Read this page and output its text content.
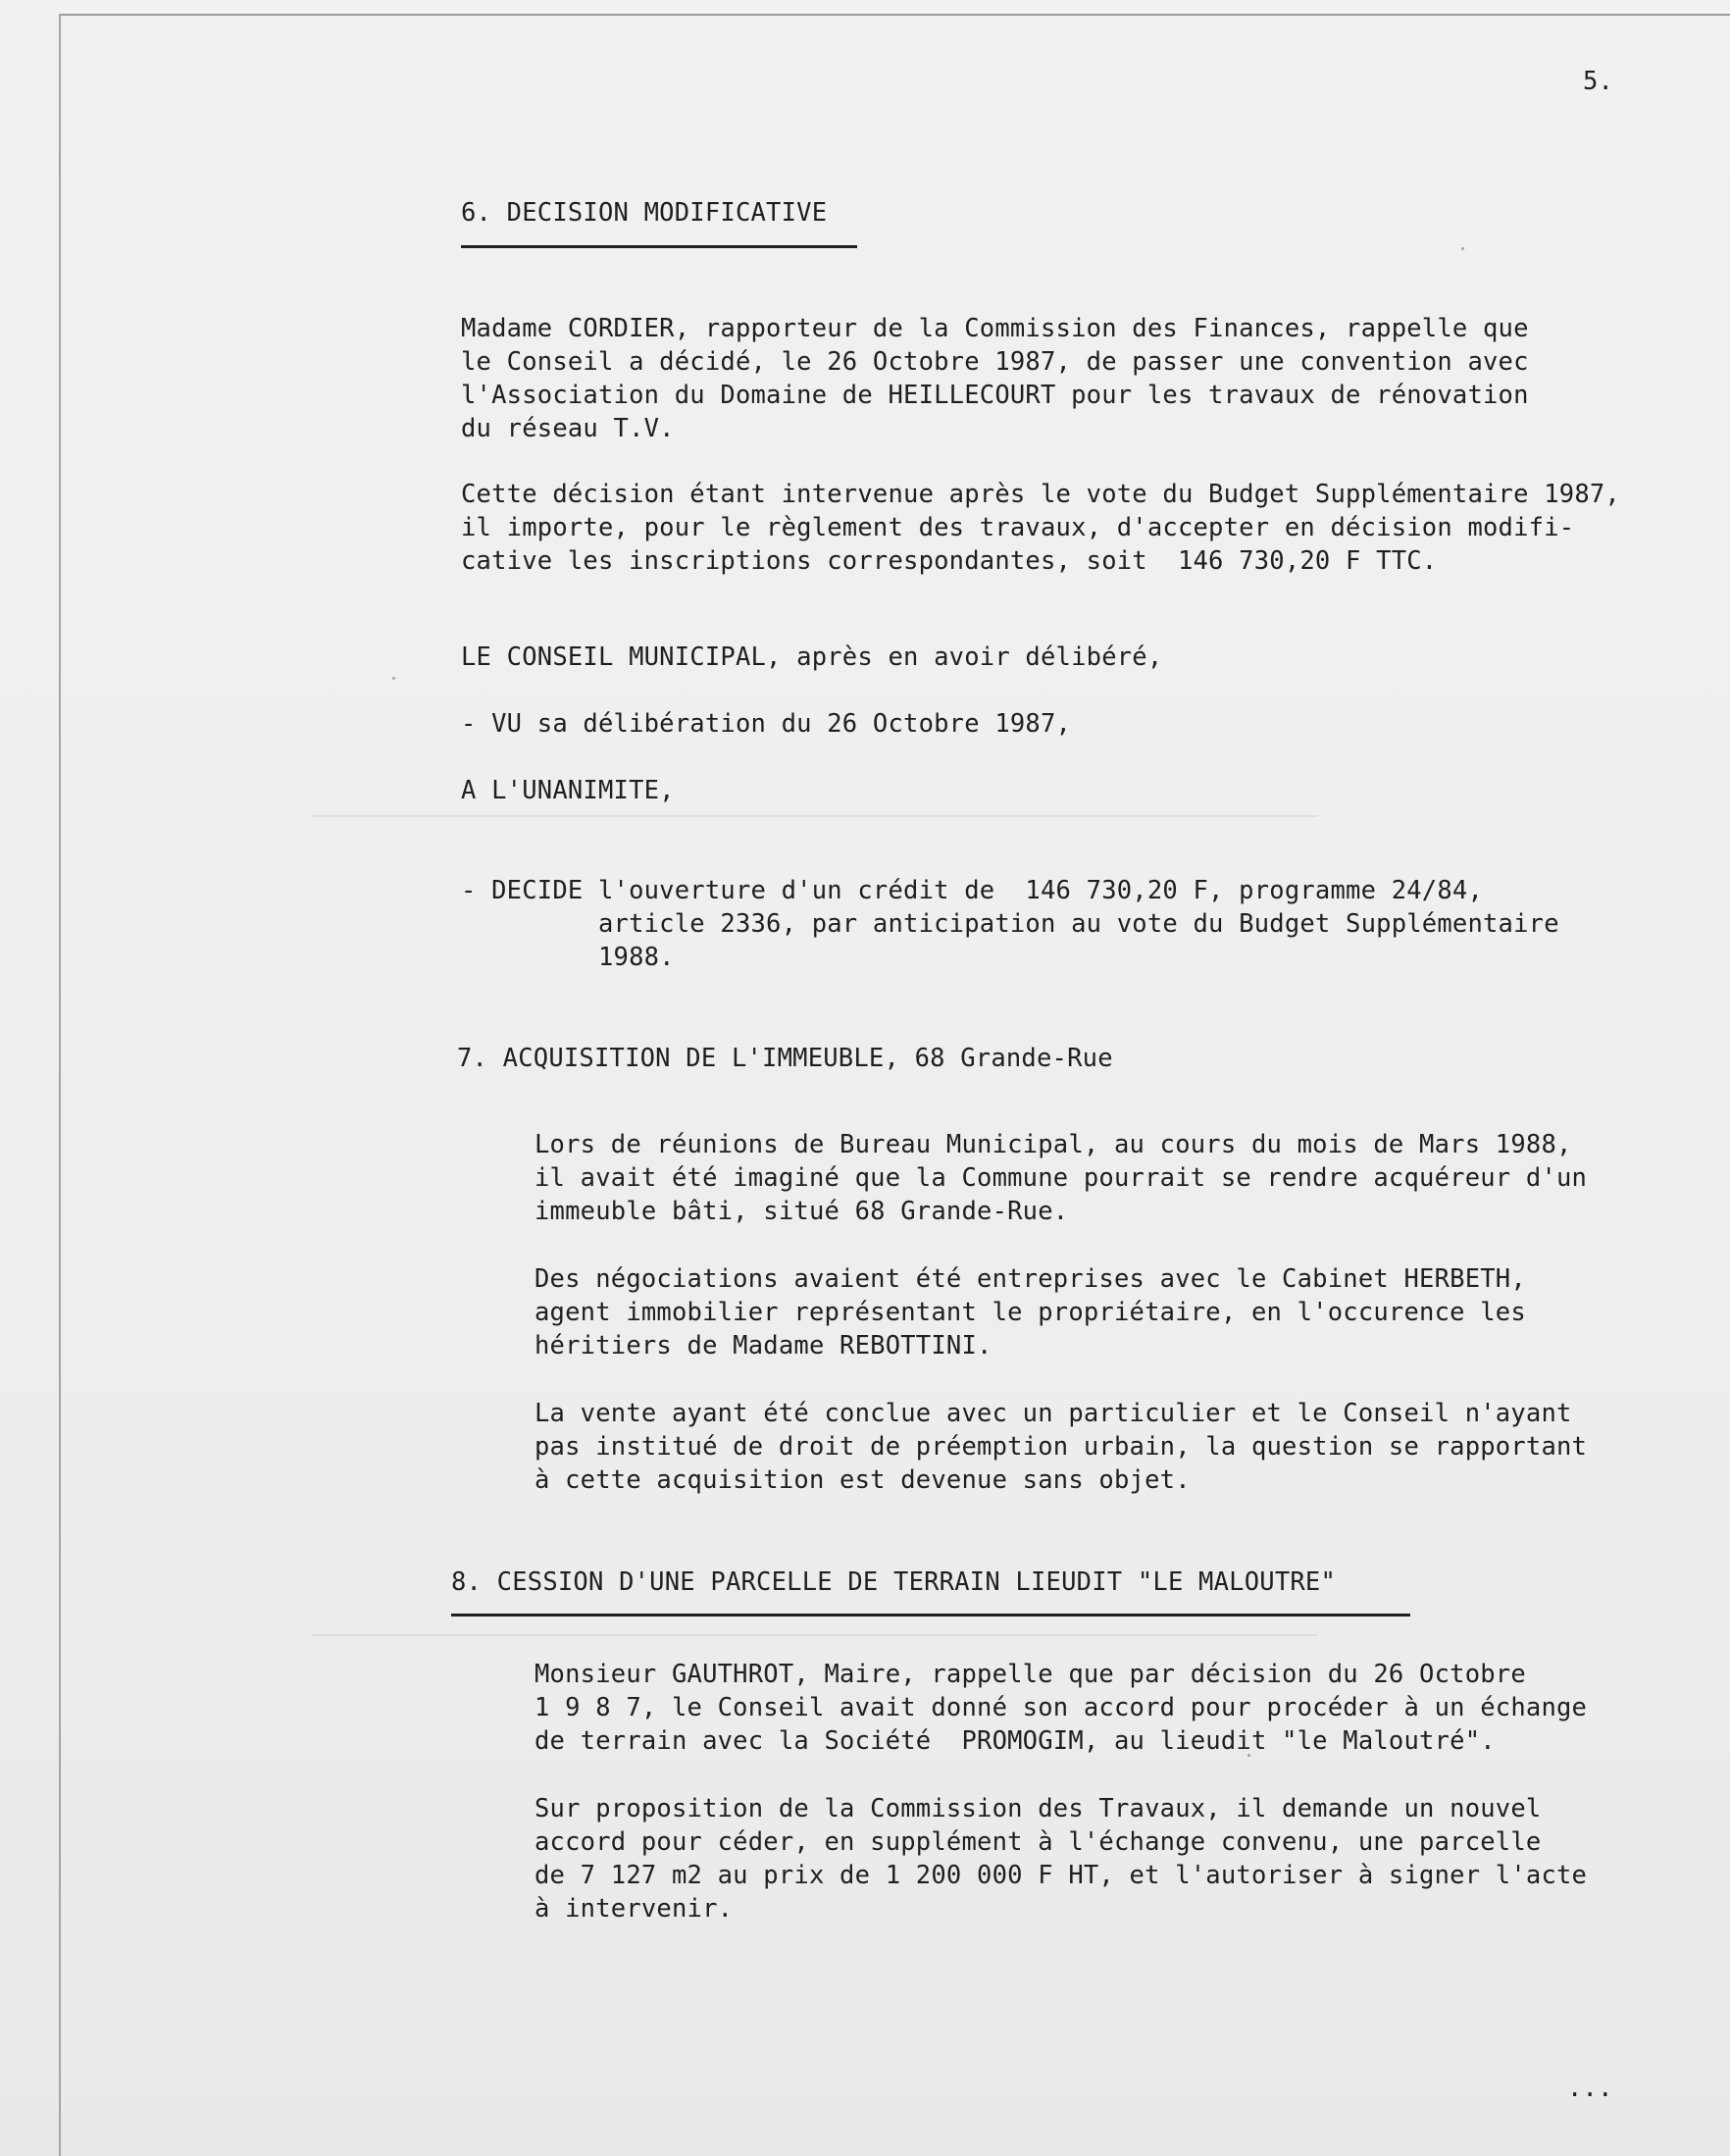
5.
6. DECISION MODIFICATIVE
Madame CORDIER, rapporteur de la Commission des Finances, rappelle que
le Conseil a décidé, le 26 Octobre 1987, de passer une convention avec
l'Association du Domaine de HEILLECOURT pour les travaux de rénovation
du réseau T.V.
Cette décision étant intervenue après le vote du Budget Supplémentaire 1987,
il importe, pour le règlement des travaux, d'accepter en décision modifi-
cative les inscriptions correspondantes, soit  146 730,20 F TTC.
LE CONSEIL MUNICIPAL, après en avoir délibéré,
- VU sa délibération du 26 Octobre 1987,
A L'UNANIMITE,
- DECIDE l'ouverture d'un crédit de  146 730,20 F, programme 24/84,
article 2336, par anticipation au vote du Budget Supplémentaire
1988.
7. ACQUISITION DE L'IMMEUBLE, 68 Grande-Rue
Lors de réunions de Bureau Municipal, au cours du mois de Mars 1988,
il avait été imaginé que la Commune pourrait se rendre acquéreur d'un
immeuble bâti, situé 68 Grande-Rue.
Des négociations avaient été entreprises avec le Cabinet HERBETH,
agent immobilier représentant le propriétaire, en l'occurence les
héritiers de Madame REBOTTINI.
La vente ayant été conclue avec un particulier et le Conseil n'ayant
pas institué de droit de préemption urbain, la question se rapportant
à cette acquisition est devenue sans objet.
8. CESSION D'UNE PARCELLE DE TERRAIN LIEUDIT "LE MALOUTRE"
Monsieur GAUTHROT, Maire, rappelle que par décision du 26 Octobre
1 9 8 7, le Conseil avait donné son accord pour procéder à un échange
de terrain avec la Société  PROMOGIM, au lieudit "le Maloutré".
Sur proposition de la Commission des Travaux, il demande un nouvel
accord pour céder, en supplément à l'échange convenu, une parcelle
de 7 127 m2 au prix de 1 200 000 F HT, et l'autoriser à signer l'acte
à intervenir.
...
